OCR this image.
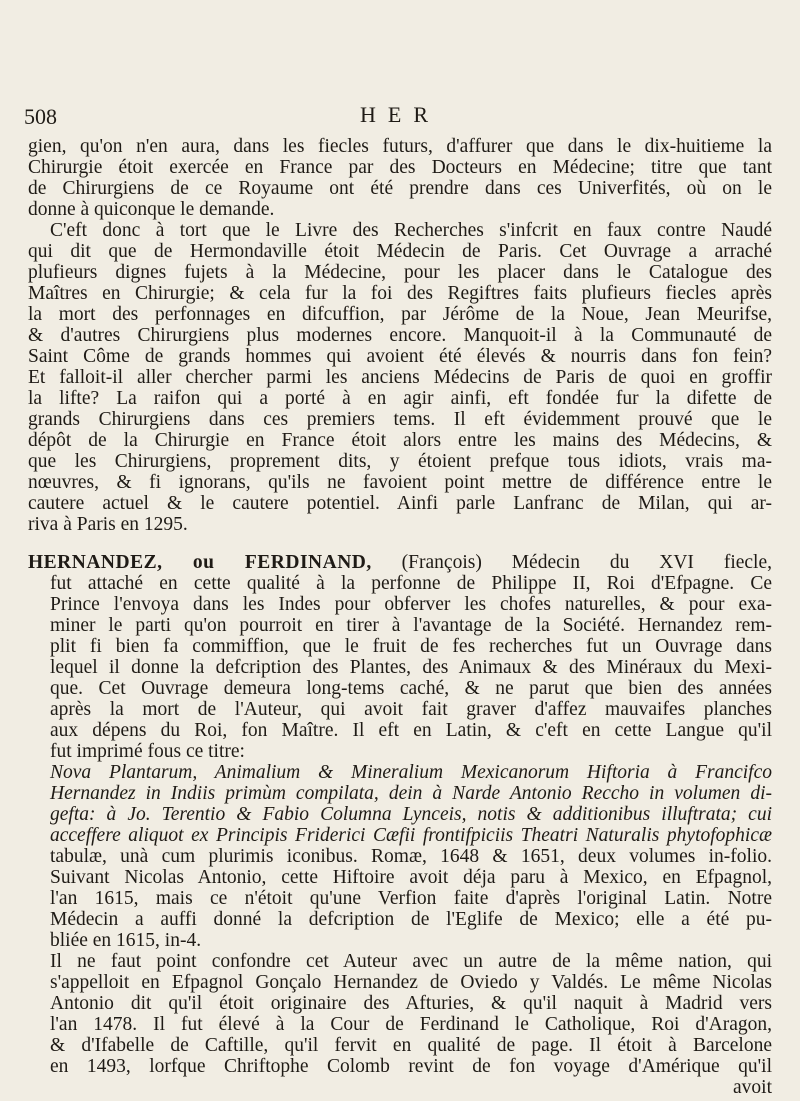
508	HER
gien, qu'on n'en aura, dans les fiecles futurs, d'affurer que dans le dix-huitieme la
Chirurgie étoit exercée en France par des Docteurs en Médecine; titre que tant
de Chirurgiens de ce Royaume ont été prendre dans ces Univerfités, où on le
donne à quiconque le demande.
C'eft donc à tort que le Livre des Recherches s'infcrit en faux contre Naudé
qui dit que de Hermondaville étoit Médecin de Paris. Cet Ouvrage a arraché
plufieurs dignes fujets à la Médecine, pour les placer dans le Catalogue des
Maîtres en Chirurgie; & cela fur la foi des Regiftres faits plufieurs fiecles après
la mort des perfonnages en difcuffion, par Jérôme de la Noue, Jean Meurifse,
& d'autres Chirurgiens plus modernes encore. Manquoit-il à la Communauté de
Saint Côme de grands hommes qui avoient été élevés & nourris dans fon fein?
Et falloit-il aller chercher parmi les anciens Médecins de Paris de quoi en groffir
la lifte? La raifon qui a porté à en agir ainfi, eft fondée fur la difette de
grands Chirurgiens dans ces premiers tems. Il eft évidemment prouvé que le
dépôt de la Chirurgie en France étoit alors entre les mains des Médecins, &
que les Chirurgiens, proprement dits, y étoient prefque tous idiots, vrais ma-
nœuvres, & fi ignorans, qu'ils ne favoient point mettre de différence entre le
cautere actuel & le cautere potentiel. Ainfi parle Lanfranc de Milan, qui ar-
riva à Paris en 1295.
HERNANDEZ, ou FERDINAND, (François) Médecin du XVI fiecle,
fut attaché en cette qualité à la perfonne de Philippe II, Roi d'Efpagne. Ce
Prince l'envoya dans les Indes pour obferver les chofes naturelles, & pour exa-
miner le parti qu'on pourroit en tirer à l'avantage de la Société. Hernandez rem-
plit fi bien fa commiffion, que le fruit de fes recherches fut un Ouvrage dans
lequel il donne la defcription des Plantes, des Animaux & des Minéraux du Mexi-
que. Cet Ouvrage demeura long-tems caché, & ne parut que bien des années
après la mort de l'Auteur, qui avoit fait graver d'affez mauvaifes planches
aux dépens du Roi, fon Maître. Il eft en Latin, & c'eft en cette Langue qu'il
fut imprimé fous ce titre:
Nova Plantarum, Animalium & Mineralium Mexicanorum Hiftoria à Francifco
Hernandez in Indiis primùm compilata, dein à Narde Antonio Reccho in volumen di-
gefta: à Jo. Terentio & Fabio Columna Lynceis, notis & additionibus illuftrata; cui
acceffere aliquot ex Principis Friderici Cæfii frontifpiciis Theatri Naturalis phytofophicæ
tabulæ, unà cum plurimis iconibus. Romæ, 1648 & 1651, deux volumes in-folio.
Suivant Nicolas Antonio, cette Hiftoire avoit déja paru à Mexico, en Efpagnol,
l'an 1615, mais ce n'étoit qu'une Verfion faite d'après l'original Latin. Notre
Médecin a auffi donné la defcription de l'Eglife de Mexico; elle a été pu-
bliée en 1615, in-4.
Il ne faut point confondre cet Auteur avec un autre de la même nation, qui
s'appelloit en Efpagnol Gonçalo Hernandez de Oviedo y Valdés. Le même Nicolas
Antonio dit qu'il étoit originaire des Afturies, & qu'il naquit à Madrid vers
l'an 1478. Il fut élevé à la Cour de Ferdinand le Catholique, Roi d'Aragon,
& d'Ifabelle de Caftille, qu'il fervit en qualité de page. Il étoit à Barcelone
en 1493, lorfque Chriftophe Colomb revint de fon voyage d'Amérique qu'il
avoit
